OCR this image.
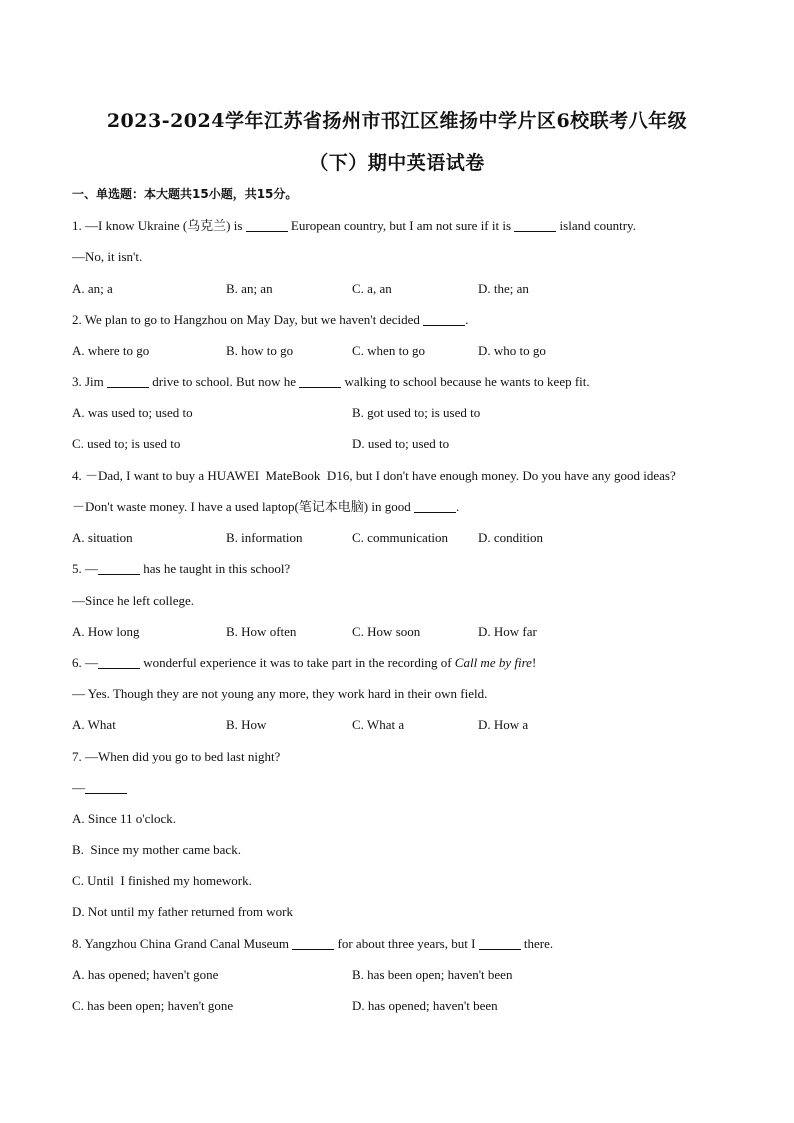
2023-2024学年江苏省扬州市邗江区维扬中学片区6校联考八年级
（下）期中英语试卷
一、单选题：本大题共15小题，共15分。
1. —I know Ukraine (乌克兰) is	European country, but I am not sure if it is	island country.
—No, it isn't.
A. an; a	B. an; an	C. a, an	D. the; an
2. We plan to go to Hangzhou on May Day, but we haven't decided	.
A. where to go	B. how to go	C. when to go	D. who to go
3. Jim	drive to school. But now he	walking to school because he wants to keep fit.
A. was used to; used to	B. got used to; is used to
C. used to; is used to	D. used to; used to
4. －Dad, I want to buy a HUAWEI  MateBook  D16, but I don't have enough money. Do you have any good ideas?
－Don't waste money. I have a used laptop(笔记本电脑) in good	.
A. situation	B. information	C. communication D. condition
5. —	has he taught in this school?
—Since he left college.
A. How long	B. How often	C. How soon	D. How far
6. —	wonderful experience it was to take part in the recording of Call me by fire!
— Yes. Though they are not young any more, they work hard in their own field.
A. What	B. How	C. What a	D. How a
7. —When did you go to bed last night?
—
A. Since 11 o'clock.
B.  Since my mother came back.
C. Until  I finished my homework.
D. Not until my father returned from work
8. Yangzhou China Grand Canal Museum	for about three years, but I	there.
A. has opened; haven't gone	B. has been open; haven't been
C. has been open; haven't gone	D. has opened; haven't been
